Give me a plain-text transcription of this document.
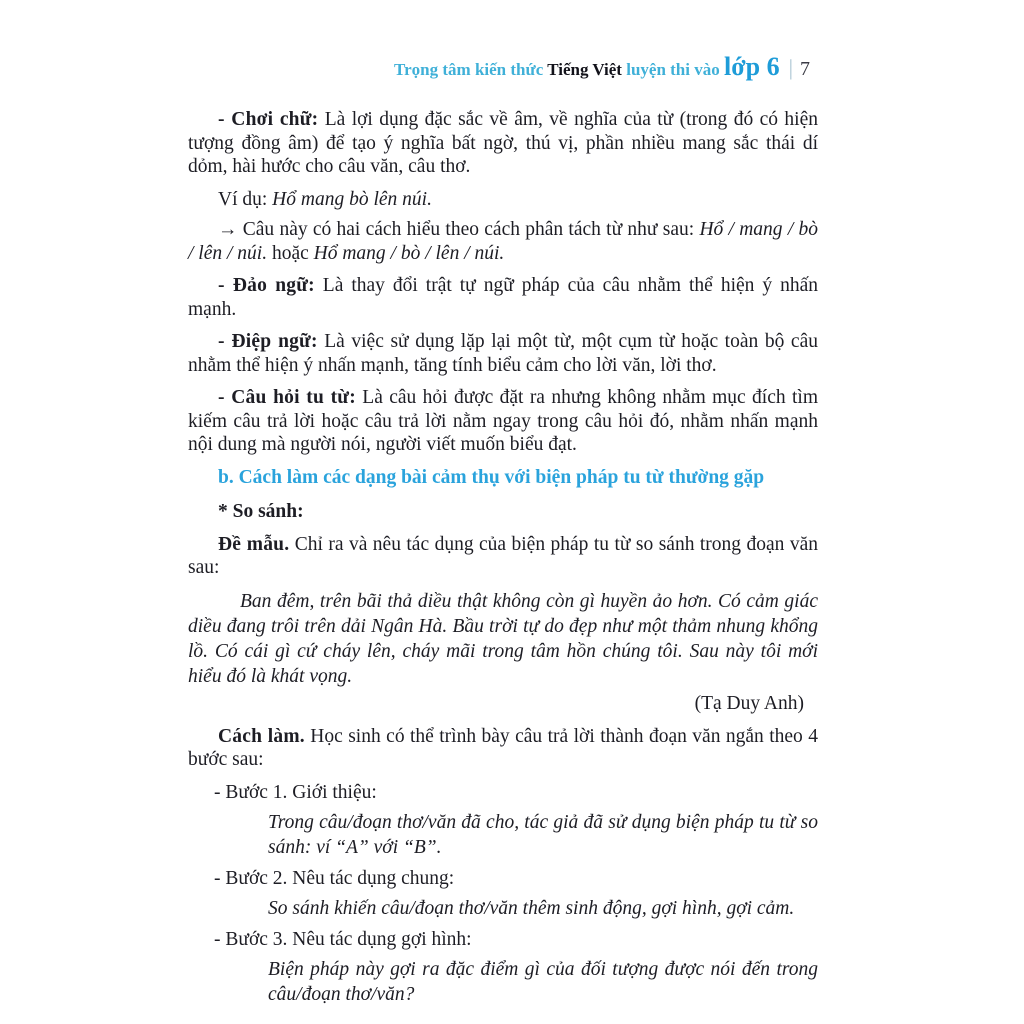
Trọng tâm kiến thức Tiếng Việt luyện thi vào lớp 6 | 7

- Chơi chữ: Là lợi dụng đặc sắc về âm, về nghĩa của từ (trong đó có hiện tượng đồng âm) để tạo ý nghĩa bất ngờ, thú vị, phần nhiều mang sắc thái dí dỏm, hài hước cho câu văn, câu thơ.

Ví dụ: Hổ mang bò lên núi.

→ Câu này có hai cách hiểu theo cách phân tách từ như sau: Hổ / mang / bò / lên / núi. hoặc Hổ mang / bò / lên / núi.

- Đảo ngữ: Là thay đổi trật tự ngữ pháp của câu nhằm thể hiện ý nhấn mạnh.

- Điệp ngữ: Là việc sử dụng lặp lại một từ, một cụm từ hoặc toàn bộ câu nhằm thể hiện ý nhấn mạnh, tăng tính biểu cảm cho lời văn, lời thơ.

- Câu hỏi tu từ: Là câu hỏi được đặt ra nhưng không nhằm mục đích tìm kiếm câu trả lời hoặc câu trả lời nằm ngay trong câu hỏi đó, nhằm nhấn mạnh nội dung mà người nói, người viết muốn biểu đạt.

b. Cách làm các dạng bài cảm thụ với biện pháp tu từ thường gặp
* So sánh:

Đề mẫu. Chỉ ra và nêu tác dụng của biện pháp tu từ so sánh trong đoạn văn sau:

Ban đêm, trên bãi thả diều thật không còn gì huyền ảo hơn. Có cảm giác diều đang trôi trên dải Ngân Hà. Bầu trời tự do đẹp như một thảm nhung khổng lồ. Có cái gì cứ cháy lên, cháy mãi trong tâm hồn chúng tôi. Sau này tôi mới hiểu đó là khát vọng.

(Tạ Duy Anh)

Cách làm. Học sinh có thể trình bày câu trả lời thành đoạn văn ngắn theo 4 bước sau:

- Bước 1. Giới thiệu:

Trong câu/đoạn thơ/văn đã cho, tác giả đã sử dụng biện pháp tu từ so sánh: ví “A” với “B”.

- Bước 2. Nêu tác dụng chung:

So sánh khiến câu/đoạn thơ/văn thêm sinh động, gợi hình, gợi cảm.

- Bước 3. Nêu tác dụng gợi hình:

Biện pháp này gợi ra đặc điểm gì của đối tượng được nói đến trong câu/đoạn thơ/văn?
